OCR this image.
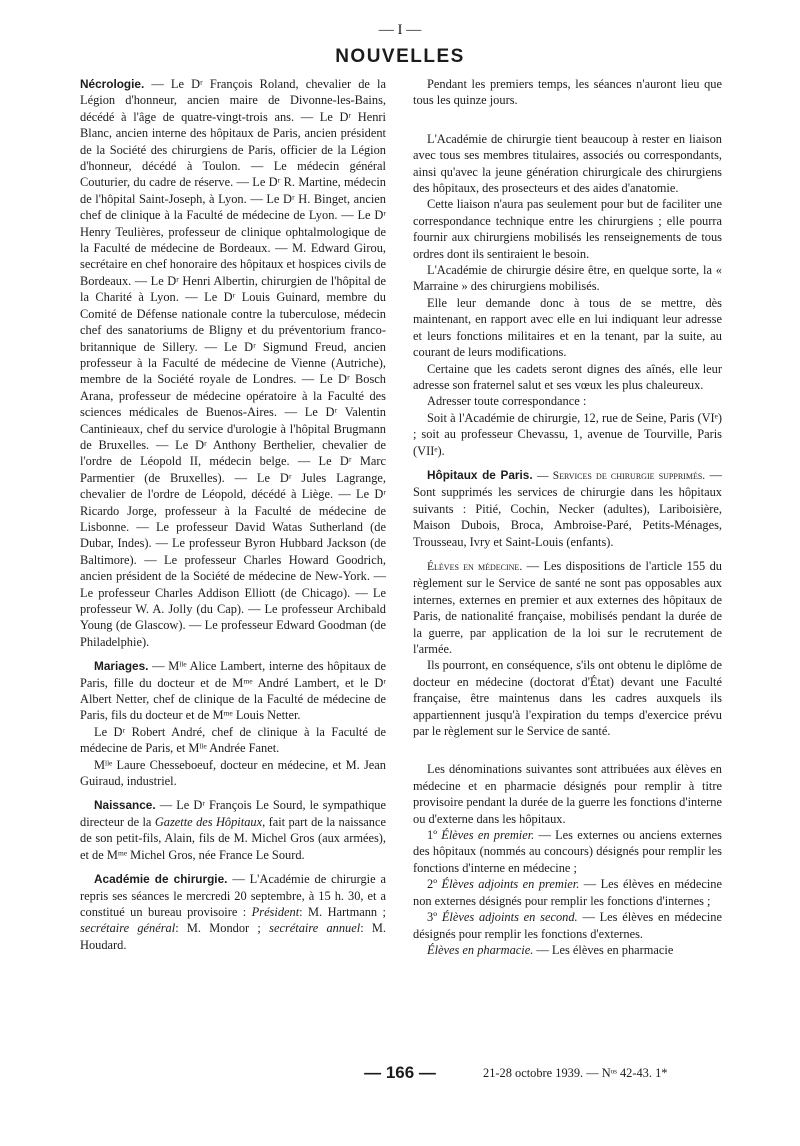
— I —
NOUVELLES

Nécrologie. — Le Dʳ François Roland, chevalier de la Légion d'honneur, ancien maire de Divonne-les-Bains, décédé à l'âge de quatre-vingt-trois ans. — Le Dʳ Henri Blanc, ancien interne des hôpitaux de Paris, ancien président de la Société des chirurgiens de Paris, officier de la Légion d'honneur, décédé à Toulon. — Le médecin général Couturier, du cadre de réserve. — Le Dʳ R. Martine, médecin de l'hôpital Saint-Joseph, à Lyon. — Le Dʳ H. Binget, ancien chef de clinique à la Faculté de médecine de Lyon. — Le Dʳ Henry Teulières, professeur de clinique ophtalmologique de la Faculté de médecine de Bordeaux. — M. Edward Girou, secrétaire en chef honoraire des hôpitaux et hospices civils de Bordeaux. — Le Dʳ Henri Albertin, chirurgien de l'hôpital de la Charité à Lyon. — Le Dʳ Louis Guinard, membre du Comité de Défense nationale contre la tuberculose, médecin chef des sanatoriums de Bligny et du préventorium franco-britannique de Sillery. — Le Dʳ Sigmund Freud, ancien professeur à la Faculté de médecine de Vienne (Autriche), membre de la Société royale de Londres. — Le Dʳ Bosch Arana, professeur de médecine opératoire à la Faculté des sciences médicales de Buenos-Aires. — Le Dʳ Valentin Cantinieaux, chef du service d'urologie à l'hôpital Brugmann de Bruxelles. — Le Dʳ Anthony Berthelier, chevalier de l'ordre de Léopold II, médecin belge. — Le Dʳ Marc Parmentier (de Bruxelles). — Le Dʳ Jules Lagrange, chevalier de l'ordre de Léopold, décédé à Liège. — Le Dʳ Ricardo Jorge, professeur à la Faculté de médecine de Lisbonne. — Le professeur David Watas Sutherland (de Dubar, Indes). — Le professeur Byron Hubbard Jackson (de Baltimore). — Le professeur Charles Howard Goodrich, ancien président de la Société de médecine de New-York. — Le professeur Charles Addison Elliott (de Chicago). — Le professeur W. A. Jolly (du Cap). — Le professeur Archibald Young (de Glascow). — Le professeur Edward Goodman (de Philadelphie).

Mariages. — Mˡˡᵉ Alice Lambert, interne des hôpitaux de Paris, fille du docteur et de Mᵐᵉ André Lambert, et le Dʳ Albert Netter, chef de clinique de la Faculté de médecine de Paris, fils du docteur et de Mᵐᵉ Louis Netter.

Le Dʳ Robert André, chef de clinique à la Faculté de médecine de Paris, et Mˡˡᵉ Andrée Fanet.

Mˡˡᵉ Laure Chesseboeuf, docteur en médecine, et M. Jean Guiraud, industriel.

Naissance. — Le Dʳ François Le Sourd, le sympathique directeur de la Gazette des Hôpitaux, fait part de la naissance de son petit-fils, Alain, fils de M. Michel Gros (aux armées), et de Mᵐᵉ Michel Gros, née France Le Sourd.

Académie de chirurgie. — L'Académie de chirurgie a repris ses séances le mercredi 20 septembre, à 15 h. 30, et a constitué un bureau provisoire : Président: M. Hartmann ; secrétaire général: M. Mondor ; secrétaire annuel: M. Houdard.

Pendant les premiers temps, les séances n'auront lieu que tous les quinze jours.

L'Académie de chirurgie tient beaucoup à rester en liaison avec tous ses membres titulaires, associés ou correspondants, ainsi qu'avec la jeune génération chirurgicale des chirurgiens des hôpitaux, des prosecteurs et des aides d'anatomie.

Cette liaison n'aura pas seulement pour but de faciliter une correspondance technique entre les chirurgiens ; elle pourra fournir aux chirurgiens mobilisés les renseignements de tous ordres dont ils sentiraient le besoin.

L'Académie de chirurgie désire être, en quelque sorte, la « Marraine » des chirurgiens mobilisés.

Elle leur demande donc à tous de se mettre, dès maintenant, en rapport avec elle en lui indiquant leur adresse et leurs fonctions militaires et en la tenant, par la suite, au courant de leurs modifications.

Certaine que les cadets seront dignes des aînés, elle leur adresse son fraternel salut et ses vœux les plus chaleureux.

Adresser toute correspondance :

Soit à l'Académie de chirurgie, 12, rue de Seine, Paris (VIᵉ) ; soit au professeur Chevassu, 1, avenue de Tourville, Paris (VIIᵉ).

Hôpitaux de Paris. — Services de chirurgie supprimés. — Sont supprimés les services de chirurgie dans les hôpitaux suivants : Pitié, Cochin, Necker (adultes), Lariboisière, Maison Dubois, Broca, Ambroise-Paré, Petits-Ménages, Trousseau, Ivry et Saint-Louis (enfants).

Élèves en médecine. — Les dispositions de l'article 155 du règlement sur le Service de santé ne sont pas opposables aux internes, externes en premier et aux externes des hôpitaux de Paris, de nationalité française, mobilisés pendant la durée de la guerre, par application de la loi sur le recrutement de l'armée.

Ils pourront, en conséquence, s'ils ont obtenu le diplôme de docteur en médecine (doctorat d'État) devant une Faculté française, être maintenus dans les cadres auxquels ils appartiennent jusqu'à l'expiration du temps d'exercice prévu par le règlement sur le Service de santé.

Les dénominations suivantes sont attribuées aux élèves en médecine et en pharmacie désignés pour remplir à titre provisoire pendant la durée de la guerre les fonctions d'interne ou d'externe dans les hôpitaux.

1º Élèves en premier. — Les externes ou anciens externes des hôpitaux (nommés au concours) désignés pour remplir les fonctions d'interne en médecine ;

2º Élèves adjoints en premier. — Les élèves en médecine non externes désignés pour remplir les fonctions d'internes ;

3º Élèves adjoints en second. — Les élèves en médecine désignés pour remplir les fonctions d'externes.

Élèves en pharmacie. — Les élèves en pharmacie

— 166 —	21-28 octobre 1939. — Nᵒˢ 42-43. 1*
